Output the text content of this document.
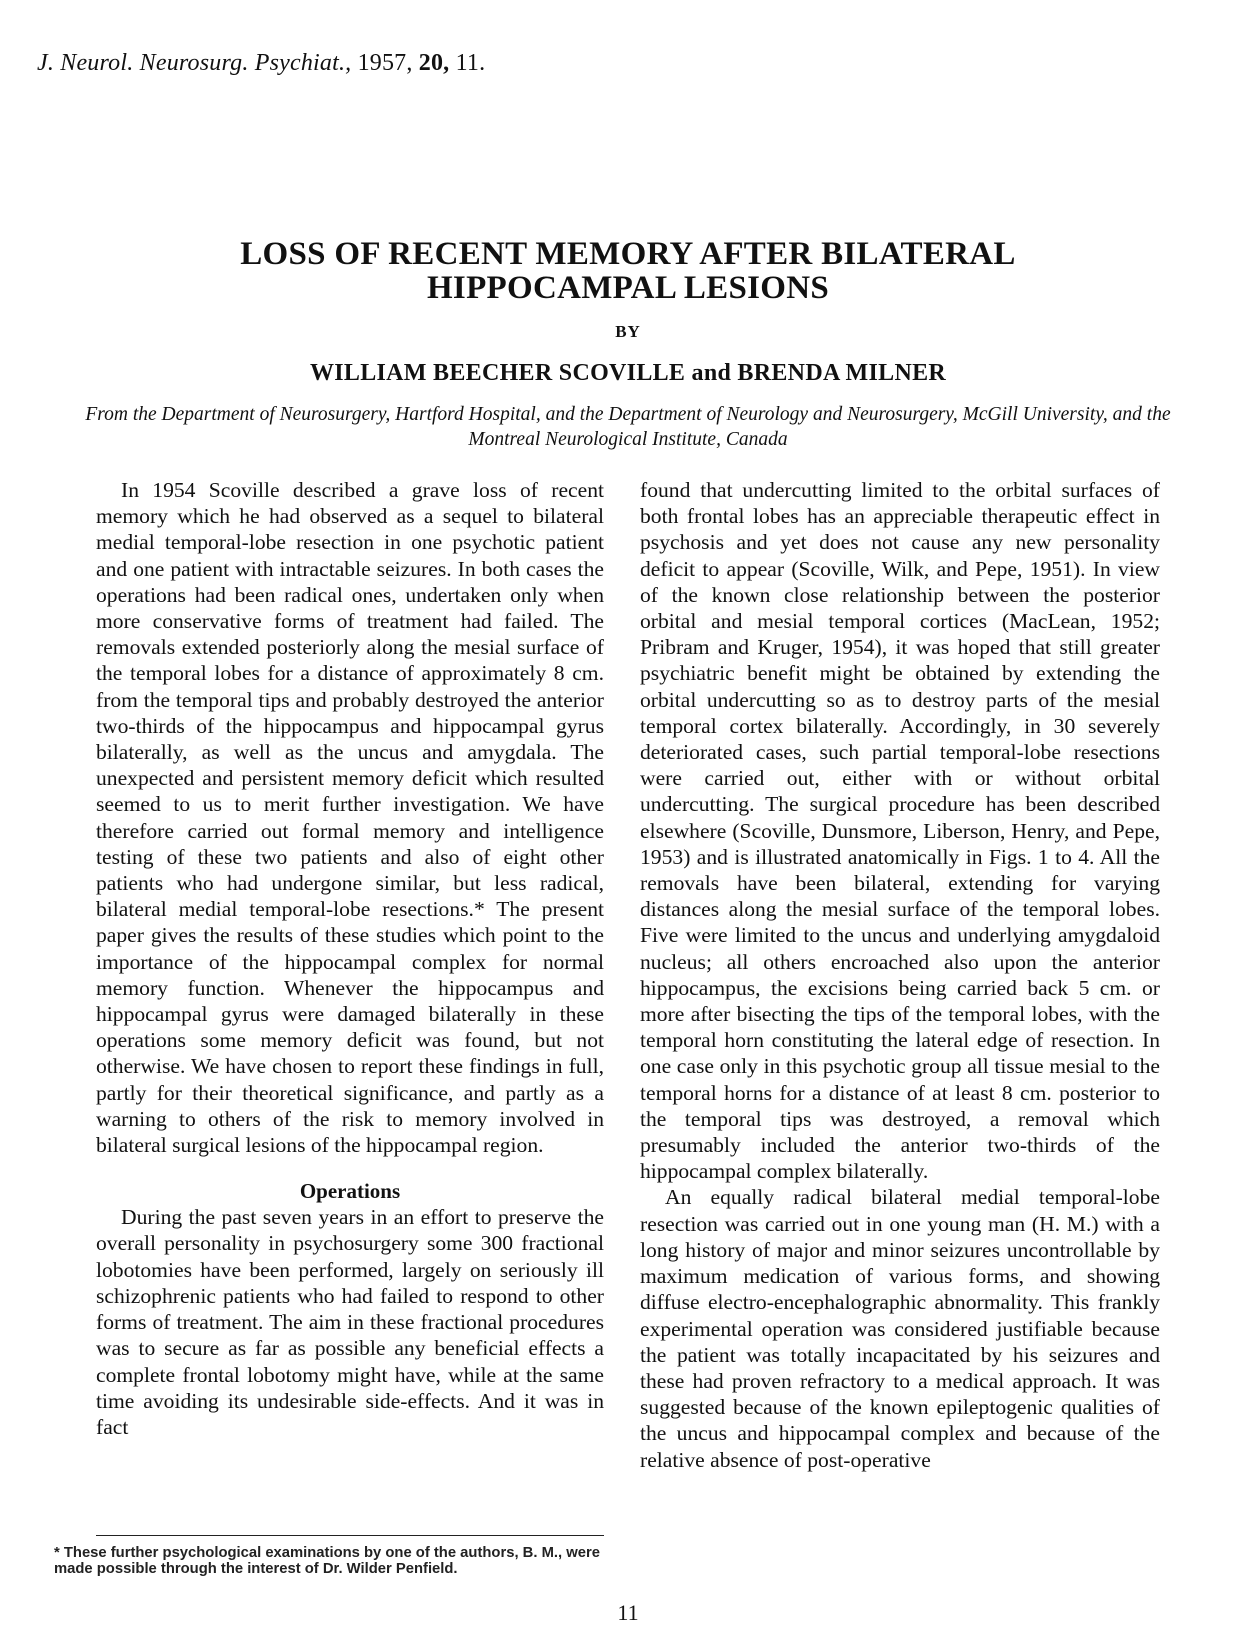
J. Neurol. Neurosurg. Psychiat., 1957, 20, 11.
LOSS OF RECENT MEMORY AFTER BILATERAL
HIPPOCAMPAL LESIONS
BY
WILLIAM BEECHER SCOVILLE and BRENDA MILNER
From the Department of Neurosurgery, Hartford Hospital, and the Department of Neurology and Neurosurgery, McGill University, and the Montreal Neurological Institute, Canada

In 1954 Scoville described a grave loss of recent memory which he had observed as a sequel to bilateral medial temporal-lobe resection in one psychotic patient and one patient with intractable seizures. In both cases the operations had been radical ones, undertaken only when more conservative forms of treatment had failed. The removals extended posteriorly along the mesial surface of the temporal lobes for a distance of approximately 8 cm. from the temporal tips and probably destroyed the anterior two-thirds of the hippocampus and hippocampal gyrus bilaterally, as well as the uncus and amygdala. The unexpected and persistent memory deficit which resulted seemed to us to merit further investigation. We have therefore carried out formal memory and intelligence testing of these two patients and also of eight other patients who had undergone similar, but less radical, bilateral medial temporal-lobe resections.* The present paper gives the results of these studies which point to the importance of the hippocampal complex for normal memory function. Whenever the hippocampus and hippocampal gyrus were damaged bilaterally in these operations some memory deficit was found, but not otherwise. We have chosen to report these findings in full, partly for their theoretical significance, and partly as a warning to others of the risk to memory involved in bilateral surgical lesions of the hippocampal region.

Operations

During the past seven years in an effort to preserve the overall personality in psychosurgery some 300 fractional lobotomies have been performed, largely on seriously ill schizophrenic patients who had failed to respond to other forms of treatment. The aim in these fractional procedures was to secure as far as possible any beneficial effects a complete frontal lobotomy might have, while at the same time avoiding its undesirable side-effects. And it was in fact

found that undercutting limited to the orbital surfaces of both frontal lobes has an appreciable therapeutic effect in psychosis and yet does not cause any new personality deficit to appear (Scoville, Wilk, and Pepe, 1951). In view of the known close relationship between the posterior orbital and mesial temporal cortices (MacLean, 1952; Pribram and Kruger, 1954), it was hoped that still greater psychiatric benefit might be obtained by extending the orbital undercutting so as to destroy parts of the mesial temporal cortex bilaterally. Accordingly, in 30 severely deteriorated cases, such partial temporal-lobe resections were carried out, either with or without orbital undercutting. The surgical procedure has been described elsewhere (Scoville, Dunsmore, Liberson, Henry, and Pepe, 1953) and is illustrated anatomically in Figs. 1 to 4. All the removals have been bilateral, extending for varying distances along the mesial surface of the temporal lobes. Five were limited to the uncus and underlying amygdaloid nucleus; all others encroached also upon the anterior hippocampus, the excisions being carried back 5 cm. or more after bisecting the tips of the temporal lobes, with the temporal horn constituting the lateral edge of resection. In one case only in this psychotic group all tissue mesial to the temporal horns for a distance of at least 8 cm. posterior to the temporal tips was destroyed, a removal which presumably included the anterior two-thirds of the hippocampal complex bilaterally.

An equally radical bilateral medial temporal-lobe resection was carried out in one young man (H. M.) with a long history of major and minor seizures uncontrollable by maximum medication of various forms, and showing diffuse electro-encephalographic abnormality. This frankly experimental operation was considered justifiable because the patient was totally incapacitated by his seizures and these had proven refractory to a medical approach. It was suggested because of the known epileptogenic qualities of the uncus and hippocampal complex and because of the relative absence of post-operative

* These further psychological examinations by one of the authors, B. M., were made possible through the interest of Dr. Wilder Penfield.
11
